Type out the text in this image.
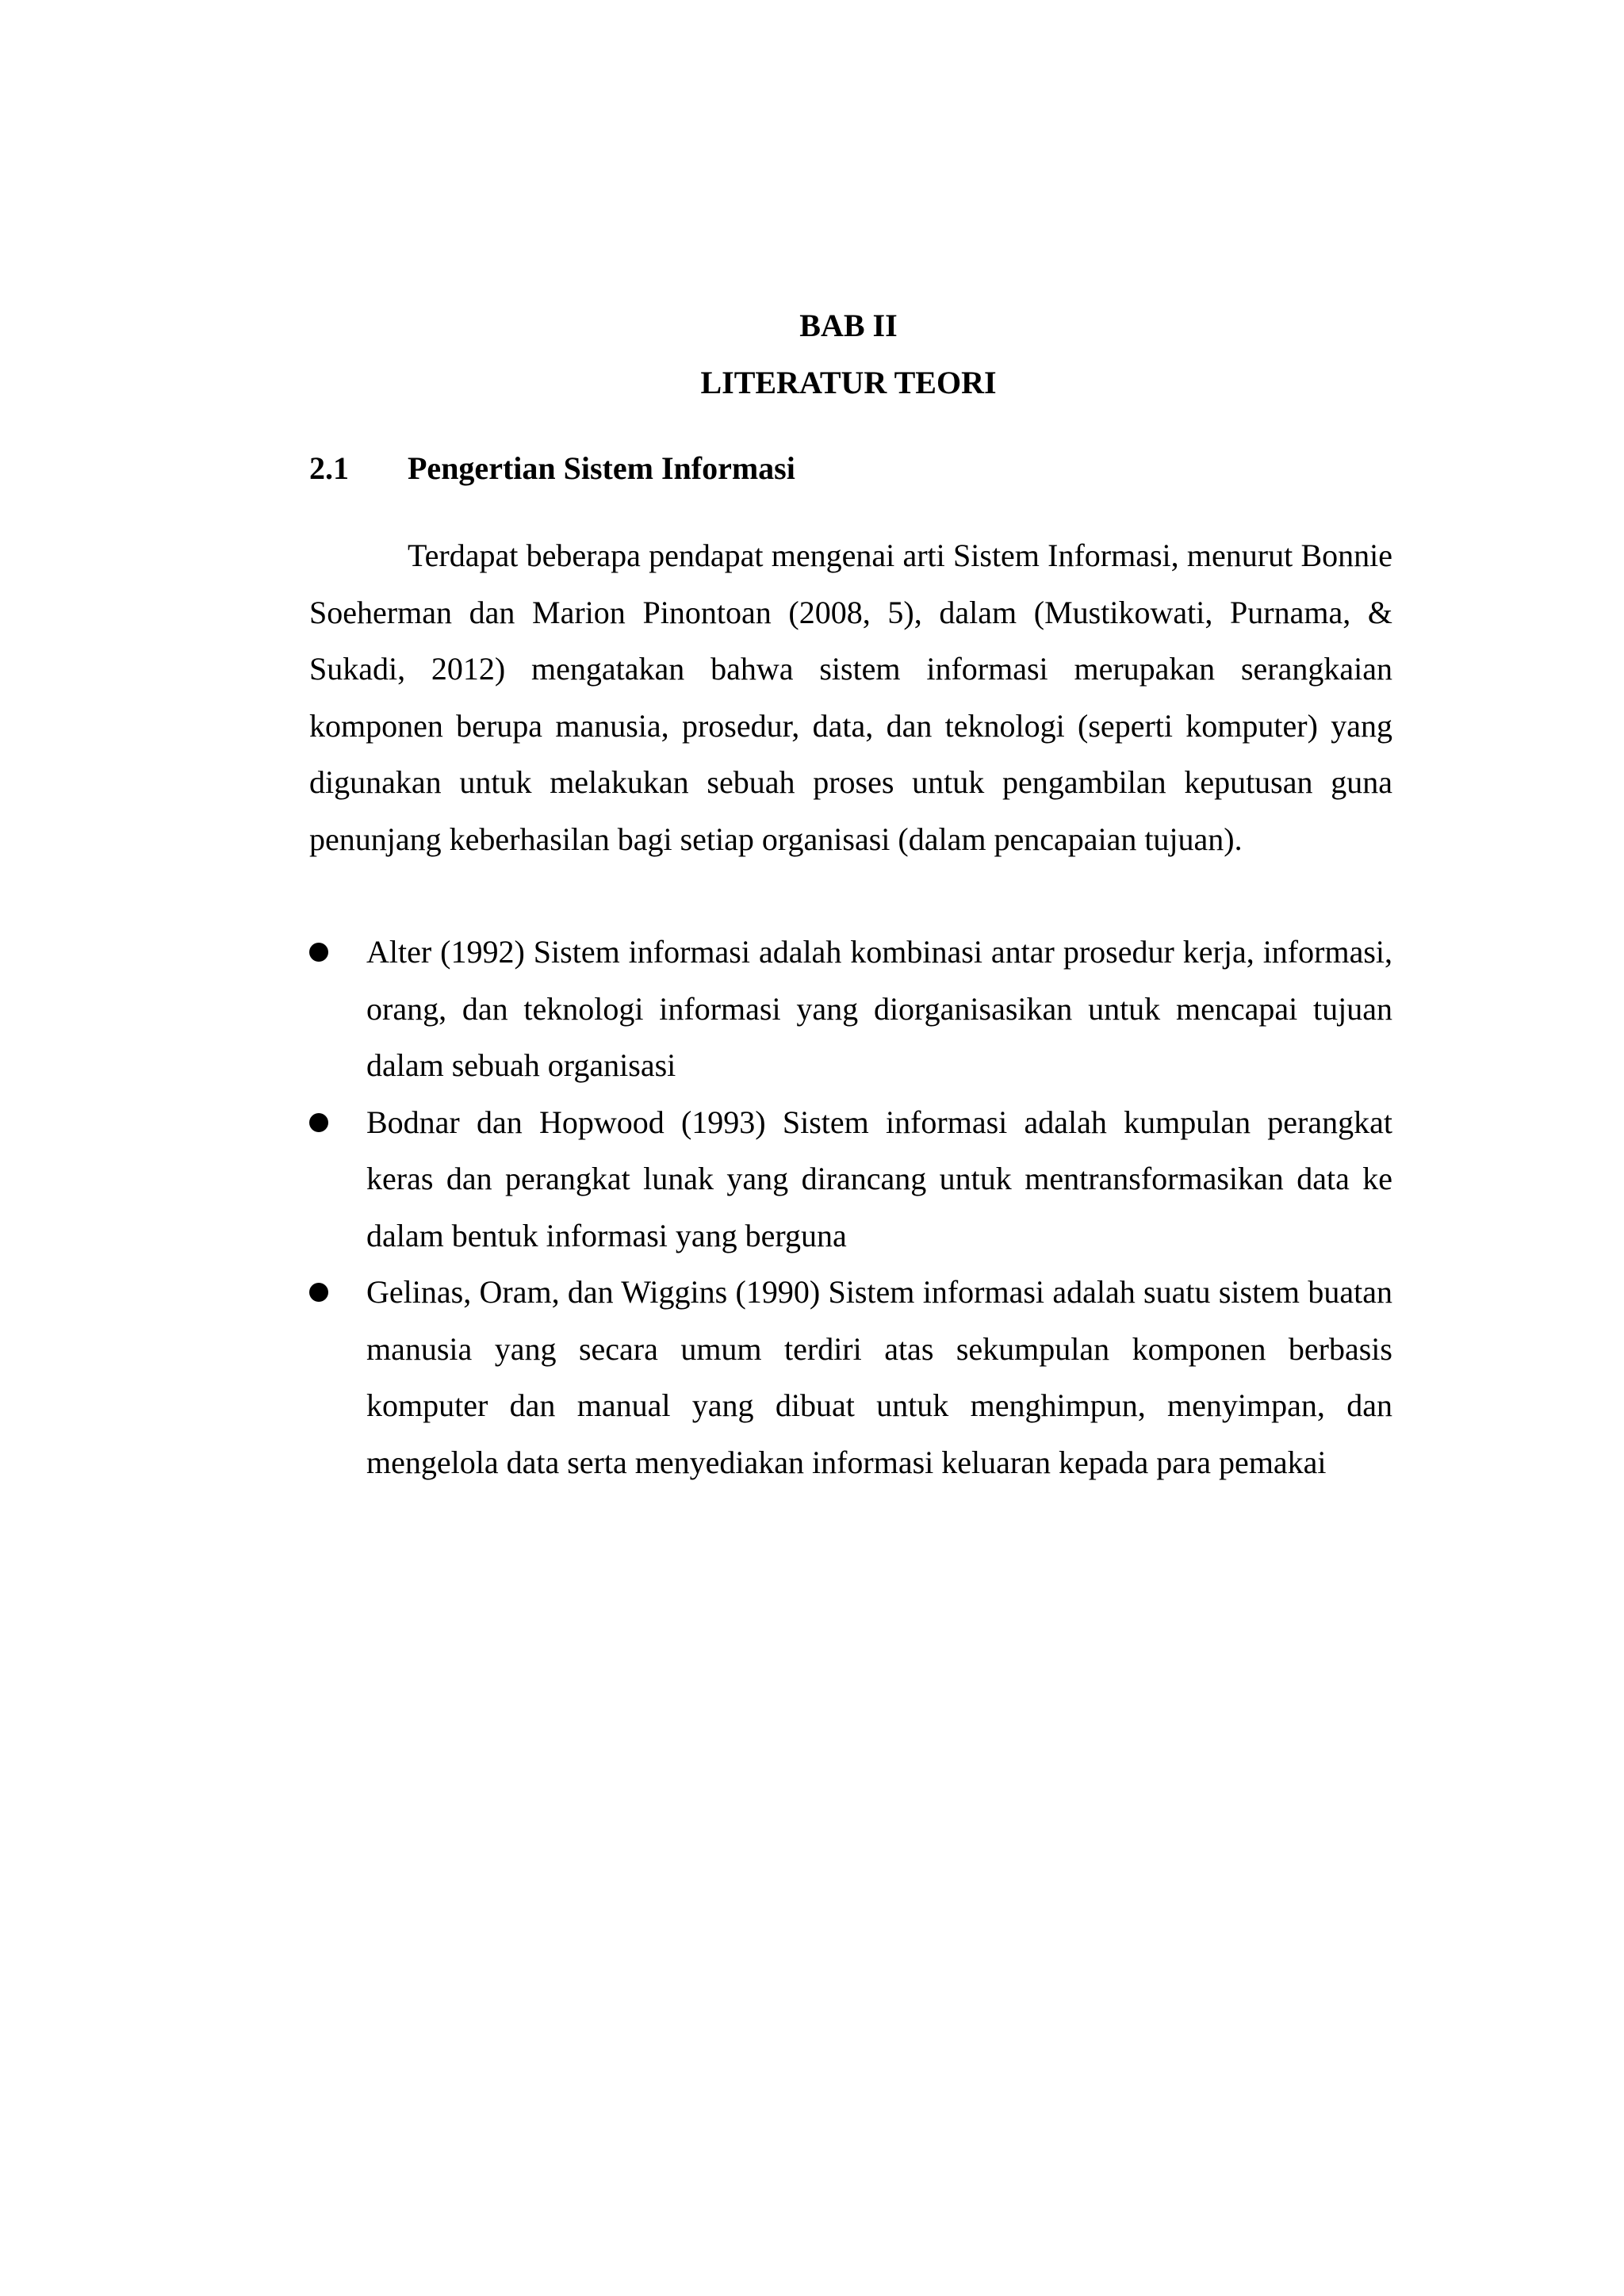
BAB II
LITERATUR TEORI
2.1 Pengertian Sistem Informasi

Terdapat beberapa pendapat mengenai arti Sistem Informasi, menurut Bonnie Soeherman dan Marion Pinontoan (2008, 5), dalam (Mustikowati, Purnama, & Sukadi, 2012) mengatakan bahwa sistem informasi merupakan serangkaian komponen berupa manusia, prosedur, data, dan teknologi (seperti komputer) yang digunakan untuk melakukan sebuah proses untuk pengambilan keputusan guna penunjang keberhasilan bagi setiap organisasi (dalam pencapaian tujuan).

Alter (1992) Sistem informasi adalah kombinasi antar prosedur kerja, informasi, orang, dan teknologi informasi yang diorganisasikan untuk mencapai tujuan dalam sebuah organisasi
Bodnar dan Hopwood (1993) Sistem informasi adalah kumpulan perangkat keras dan perangkat lunak yang dirancang untuk mentransformasikan data ke dalam bentuk informasi yang berguna
Gelinas, Oram, dan Wiggins (1990) Sistem informasi adalah suatu sistem buatan manusia yang secara umum terdiri atas sekumpulan komponen berbasis komputer dan manual yang dibuat untuk menghimpun, menyimpan, dan mengelola data serta menyediakan informasi keluaran kepada para pemakai
